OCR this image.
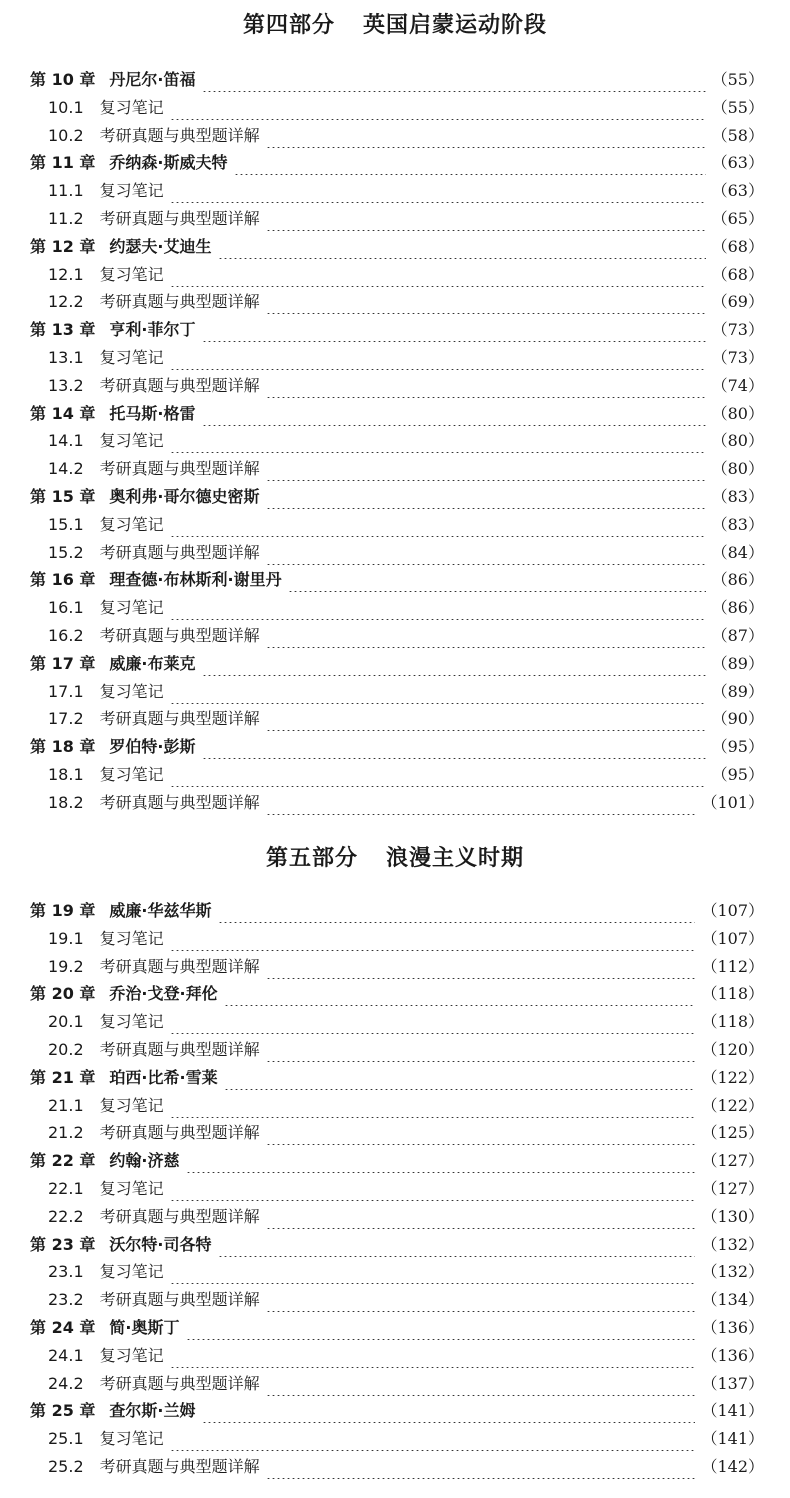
第四部分 英国启蒙运动阶段
第 10 章 丹尼尔·笛福	（55）
10.1 复习笔记	（55）
10.2 考研真题与典型题详解	（58）
第 11 章 乔纳森·斯威夫特	（63）
11.1 复习笔记	（63）
11.2 考研真题与典型题详解	（65）
第 12 章 约瑟夫·艾迪生	（68）
12.1 复习笔记	（68）
12.2 考研真题与典型题详解	（69）
第 13 章 亨利·菲尔丁	（73）
13.1 复习笔记	（73）
13.2 考研真题与典型题详解	（74）
第 14 章 托马斯·格雷	（80）
14.1 复习笔记	（80）
14.2 考研真题与典型题详解	（80）
第 15 章 奥利弗·哥尔德史密斯	（83）
15.1 复习笔记	（83）
15.2 考研真题与典型题详解	（84）
第 16 章 理查德·布林斯利·谢里丹	（86）
16.1 复习笔记	（86）
16.2 考研真题与典型题详解	（87）
第 17 章 威廉·布莱克	（89）
17.1 复习笔记	（89）
17.2 考研真题与典型题详解	（90）
第 18 章 罗伯特·彭斯	（95）
18.1 复习笔记	（95）
18.2 考研真题与典型题详解	（101）
第五部分 浪漫主义时期
第 19 章 威廉·华兹华斯	（107）
19.1 复习笔记	（107）
19.2 考研真题与典型题详解	（112）
第 20 章 乔治·戈登·拜伦	（118）
20.1 复习笔记	（118）
20.2 考研真题与典型题详解	（120）
第 21 章 珀西·比希·雪莱	（122）
21.1 复习笔记	（122）
21.2 考研真题与典型题详解	（125）
第 22 章 约翰·济慈	（127）
22.1 复习笔记	（127）
22.2 考研真题与典型题详解	（130）
第 23 章 沃尔特·司各特	（132）
23.1 复习笔记	（132）
23.2 考研真题与典型题详解	（134）
第 24 章 简·奥斯丁	（136）
24.1 复习笔记	（136）
24.2 考研真题与典型题详解	（137）
第 25 章 查尔斯·兰姆	（141）
25.1 复习笔记	（141）
25.2 考研真题与典型题详解	（142）
